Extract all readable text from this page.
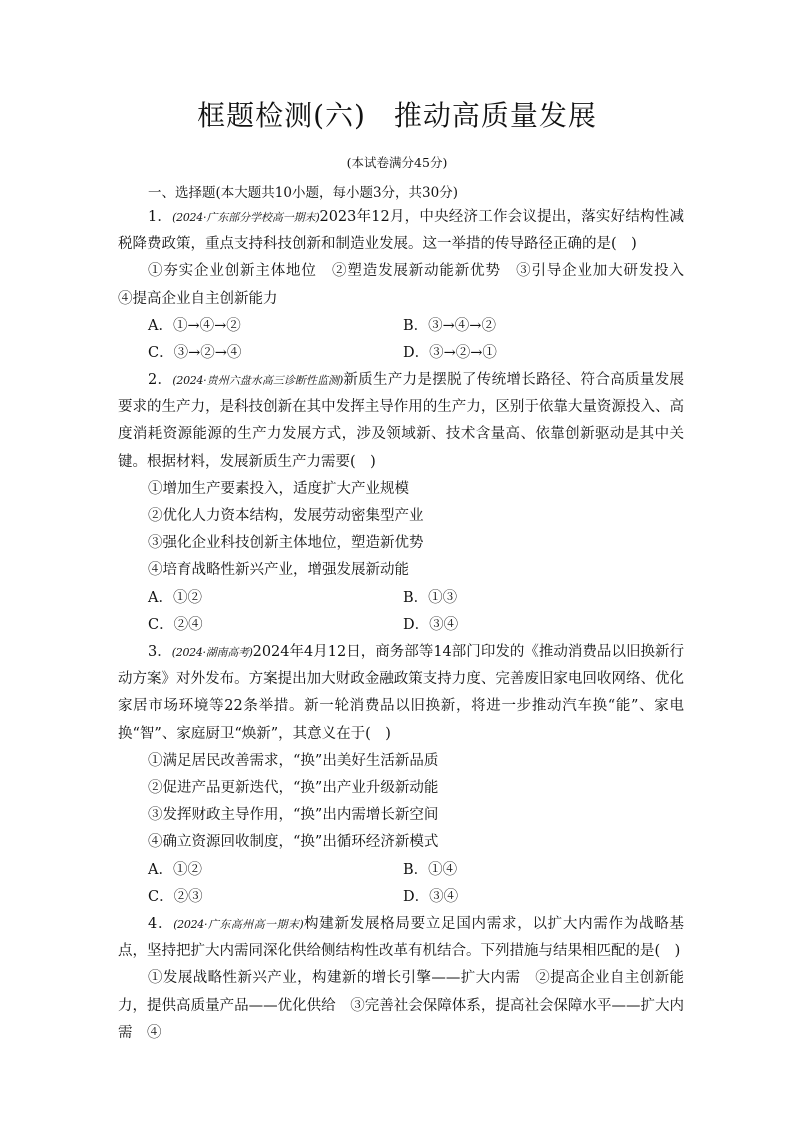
框题检测(六) 推动高质量发展
(本试卷满分45分)
一、选择题(本大题共10小题，每小题3分，共30分)

1．(2024·广东部分学校高一期末)2023年12月，中央经济工作会议提出，落实好结构性减税降费政策，重点支持科技创新和制造业发展。这一举措的传导路径正确的是(　)

①夯实企业创新主体地位　②塑造发展新动能新优势　③引导企业加大研发投入　④提高企业自主创新能力

A．①→④→②	B．③→④→②
C．③→②→④	D．③→②→①

2．(2024·贵州六盘水高三诊断性监测)新质生产力是摆脱了传统增长路径、符合高质量发展要求的生产力，是科技创新在其中发挥主导作用的生产力，区别于依靠大量资源投入、高度消耗资源能源的生产力发展方式，涉及领域新、技术含量高、依靠创新驱动是其中关键。根据材料，发展新质生产力需要(　)

①增加生产要素投入，适度扩大产业规模

②优化人力资本结构，发展劳动密集型产业

③强化企业科技创新主体地位，塑造新优势

④培育战略性新兴产业，增强发展新动能

A．①②	B．①③
C．②④	D．③④

3．(2024·湖南高考)2024年4月12日，商务部等14部门印发的《推动消费品以旧换新行动方案》对外发布。方案提出加大财政金融政策支持力度、完善废旧家电回收网络、优化家居市场环境等22条举措。新一轮消费品以旧换新，将进一步推动汽车换“能”、家电换“智”、家庭厨卫“焕新”，其意义在于(　)

①满足居民改善需求，“换”出美好生活新品质

②促进产品更新迭代，“换”出产业升级新动能

③发挥财政主导作用，“换”出内需增长新空间

④确立资源回收制度，“换”出循环经济新模式

A．①②	B．①④
C．②③	D．③④

4．(2024·广东高州高一期末)构建新发展格局要立足国内需求，以扩大内需作为战略基点，坚持把扩大内需同深化供给侧结构性改革有机结合。下列措施与结果相匹配的是(　)

①发展战略性新兴产业，构建新的增长引擎——扩大内需　②提高企业自主创新能力，提供高质量产品——优化供给　③完善社会保障体系，提高社会保障水平——扩大内需　④
